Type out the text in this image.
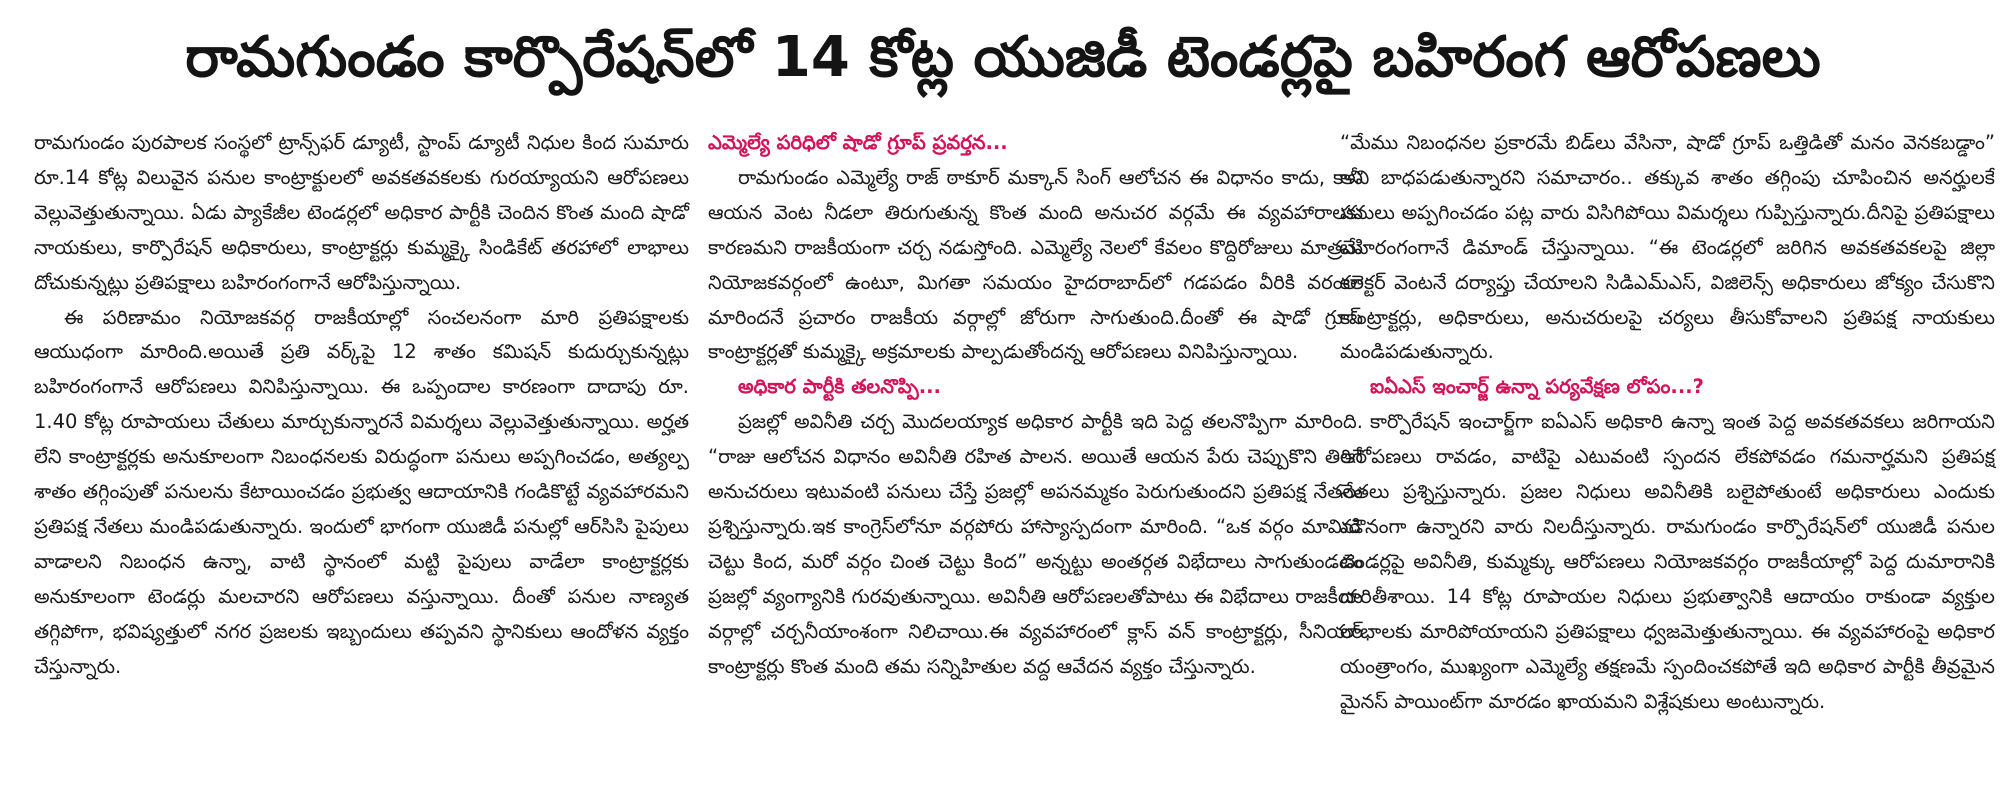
రామగుండం కార్పొరేషన్‌లో 14 కోట్ల యుజిడీ టెండర్లపై బహిరంగ ఆరోపణలు

రామగుండం పురపాలక సంస్థలో ట్రాన్స్‌ఫర్ డ్యూటీ, స్టాంప్ డ్యూటీ నిధుల కింద సుమారు రూ.14 కోట్ల విలువైన పనుల కాంట్రాక్టులలో అవకతవకలకు గురయ్యాయని ఆరోపణలు వెల్లువెత్తుతున్నాయి. ఏడు ప్యాకేజీల టెండర్లలో అధికార పార్టీకి చెందిన కొంత మంది షాడో నాయకులు, కార్పొరేషన్ అధికారులు, కాంట్రాక్టర్లు కుమ్మక్కై సిండికేట్ తరహాలో లాభాలు దోచుకున్నట్లు ప్రతిపక్షాలు బహిరంగంగానే ఆరోపిస్తున్నాయి.

ఈ పరిణామం నియోజకవర్గ రాజకీయాల్లో సంచలనంగా మారి ప్రతిపక్షాలకు ఆయుధంగా మారింది.అయితే ప్రతి వర్క్‌పై 12 శాతం కమిషన్ కుదుర్చుకున్నట్లు బహిరంగంగానే ఆరోపణలు వినిపిస్తున్నాయి. ఈ ఒప్పందాల కారణంగా దాదాపు రూ. 1.40 కోట్ల రూపాయలు చేతులు మార్చుకున్నారనే విమర్శలు వెల్లువెత్తుతున్నాయి. అర్హత లేని కాంట్రాక్టర్లకు అనుకూలంగా నిబంధనలకు విరుద్ధంగా పనులు అప్పగించడం, అత్యల్ప శాతం తగ్గింపుతో పనులను కేటాయించడం ప్రభుత్వ ఆదాయానికి గండికొట్టే వ్యవహారమని ప్రతిపక్ష నేతలు మండిపడుతున్నారు. ఇందులో భాగంగా యుజిడీ పనుల్లో ఆర్‌సిసి పైపులు వాడాలని నిబంధన ఉన్నా, వాటి స్థానంలో మట్టి పైపులు వాడేలా కాంట్రాక్టర్లకు అనుకూలంగా టెండర్లు మలచారని ఆరోపణలు వస్తున్నాయి. దీంతో పనుల నాణ్యత తగ్గిపోగా, భవిష్యత్తులో నగర ప్రజలకు ఇబ్బందులు తప్పవని స్థానికులు ఆందోళన వ్యక్తం చేస్తున్నారు.

ఎమ్మెల్యే పరిధిలో షాడో గ్రూప్ ప్రవర్తన...

రామగుండం ఎమ్మెల్యే రాజ్ ఠాకూర్ మక్కాన్ సింగ్ ఆలోచన ఈ విధానం కాదు, కానీ ఆయన వెంట నీడలా తిరుగుతున్న కొంత మంది అనుచర వర్గమే ఈ వ్యవహారాలకు కారణమని రాజకీయంగా చర్చ నడుస్తోంది. ఎమ్మెల్యే నెలలో కేవలం కొద్దిరోజులు మాత్రమే నియోజకవర్గంలో ఉంటూ, మిగతా సమయం హైదరాబాద్‌లో గడపడం వీరికి వరంలా మారిందనే ప్రచారం రాజకీయ వర్గాల్లో జోరుగా సాగుతుంది.దీంతో ఈ షాడో గ్రూప్ కాంట్రాక్టర్లతో కుమ్మక్కై అక్రమాలకు పాల్పడుతోందన్న ఆరోపణలు వినిపిస్తున్నాయి.

అధికార పార్టీకి తలనొప్పి...

ప్రజల్లో అవినీతి చర్చ మొదలయ్యాక అధికార పార్టీకి ఇది పెద్ద తలనొప్పిగా మారింది. “రాజు ఆలోచన విధానం అవినీతి రహిత పాలన. అయితే ఆయన పేరు చెప్పుకొని తిరిగే అనుచరులు ఇటువంటి పనులు చేస్తే ప్రజల్లో అపనమ్మకం పెరుగుతుందని ప్రతిపక్ష నేతలు ప్రశ్నిస్తున్నారు.ఇక కాంగ్రెస్‌లోనూ వర్గపోరు హాస్యాస్పదంగా మారింది. “ఒక వర్గం మామిడి చెట్టు కింద, మరో వర్గం చింత చెట్టు కింద” అన్నట్టు అంతర్గత విభేదాలు సాగుతుండడం ప్రజల్లో వ్యంగ్యానికి గురవుతున్నాయి. అవినీతి ఆరోపణలతోపాటు ఈ విభేదాలు రాజకీయ వర్గాల్లో చర్చనీయాంశంగా నిలిచాయి.ఈ వ్యవహారంలో క్లాస్ వన్ కాంట్రాక్టర్లు, సీనియర్ కాంట్రాక్టర్లు కొంత మంది తమ సన్నిహితుల వద్ద ఆవేదన వ్యక్తం చేస్తున్నారు.

“మేము నిబంధనల ప్రకారమే బిడ్‌లు వేసినా, షాడో గ్రూప్ ఒత్తిడితో మనం వెనకబడ్డాం” అని బాధపడుతున్నారని సమాచారం.. తక్కువ శాతం తగ్గింపు చూపించిన అనర్హులకే పనులు అప్పగించడం పట్ల వారు విసిగిపోయి విమర్శలు గుప్పిస్తున్నారు.దీనిపై ప్రతిపక్షాలు బహిరంగంగానే డిమాండ్ చేస్తున్నాయి. “ఈ టెండర్లలో జరిగిన అవకతవకలపై జిల్లా కలెక్టర్ వెంటనే దర్యాప్తు చేయాలని సిడిఎమ్‌ఎస్, విజిలెన్స్ అధికారులు జోక్యం చేసుకొని కాంట్రాక్టర్లు, అధికారులు, అనుచరులపై చర్యలు తీసుకోవాలని ప్రతిపక్ష నాయకులు మండిపడుతున్నారు.

ఐఏఎస్ ఇంచార్జ్ ఉన్నా పర్యవేక్షణ లోపం...?

కార్పొరేషన్ ఇంచార్జ్‌గా ఐఏఎస్ అధికారి ఉన్నా ఇంత పెద్ద అవకతవకలు జరిగాయని ఆరోపణలు రావడం, వాటిపై ఎటువంటి స్పందన లేకపోవడం గమనార్హమని ప్రతిపక్ష నేతలు ప్రశ్నిస్తున్నారు. ప్రజల నిధులు అవినీతికి బలైపోతుంటే అధికారులు ఎందుకు మౌనంగా ఉన్నారని వారు నిలదీస్తున్నారు. రామగుండం కార్పొరేషన్‌లో యుజిడీ పనుల టెండర్లపై అవినీతి, కుమ్మక్కు ఆరోపణలు నియోజకవర్గం రాజకీయాల్లో పెద్ద దుమారానికి దారితీశాయి. 14 కోట్ల రూపాయల నిధులు ప్రభుత్వానికి ఆదాయం రాకుండా వ్యక్తుల లాభాలకు మారిపోయాయని ప్రతిపక్షాలు ధ్వజమెత్తుతున్నాయి. ఈ వ్యవహారంపై అధికార యంత్రాంగం, ముఖ్యంగా ఎమ్మెల్యే తక్షణమే స్పందించకపోతే ఇది అధికార పార్టీకి తీవ్రమైన మైనస్ పాయింట్‌గా మారడం ఖాయమని విశ్లేషకులు అంటున్నారు.
